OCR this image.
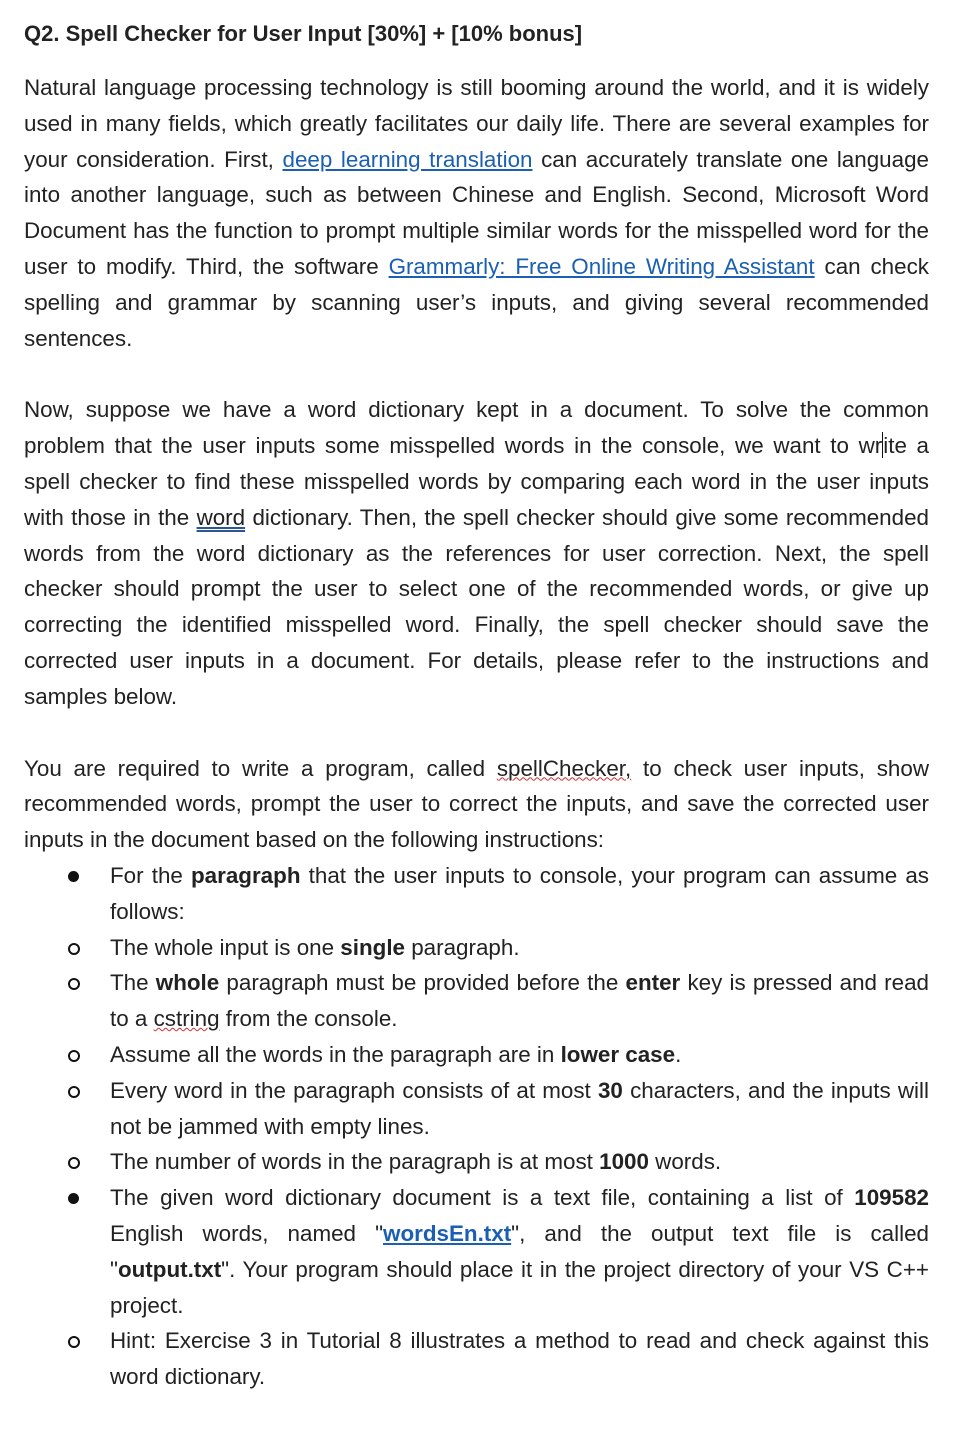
Q2. Spell Checker for User Input [30%] + [10% bonus]

Natural language processing technology is still booming around the world, and it is widely used in many fields, which greatly facilitates our daily life. There are several examples for your consideration. First, deep learning translation can accurately translate one language into another language, such as between Chinese and English. Second, Microsoft Word Document has the function to prompt multiple similar words for the misspelled word for the user to modify. Third, the software Grammarly: Free Online Writing Assistant can check spelling and grammar by scanning user’s inputs, and giving several recommended sentences.

Now, suppose we have a word dictionary kept in a document. To solve the common problem that the user inputs some misspelled words in the console, we want to write a spell checker to find these misspelled words by comparing each word in the user inputs with those in the word dictionary. Then, the spell checker should give some recommended words from the word dictionary as the references for user correction. Next, the spell checker should prompt the user to select one of the recommended words, or give up correcting the identified misspelled word. Finally, the spell checker should save the corrected user inputs in a document. For details, please refer to the instructions and samples below.

You are required to write a program, called spellChecker, to check user inputs, show recommended words, prompt the user to correct the inputs, and save the corrected user inputs in the document based on the following instructions:

For the paragraph that the user inputs to console, your program can assume as follows:
The whole input is one single paragraph.
The whole paragraph must be provided before the enter key is pressed and read to a cstring from the console.
Assume all the words in the paragraph are in lower case.
Every word in the paragraph consists of at most 30 characters, and the inputs will not be jammed with empty lines.
The number of words in the paragraph is at most 1000 words.
The given word dictionary document is a text file, containing a list of 109582 English words, named "wordsEn.txt", and the output text file is called "output.txt". Your program should place it in the project directory of your VS C++ project.
Hint: Exercise 3 in Tutorial 8 illustrates a method to read and check against this word dictionary.
